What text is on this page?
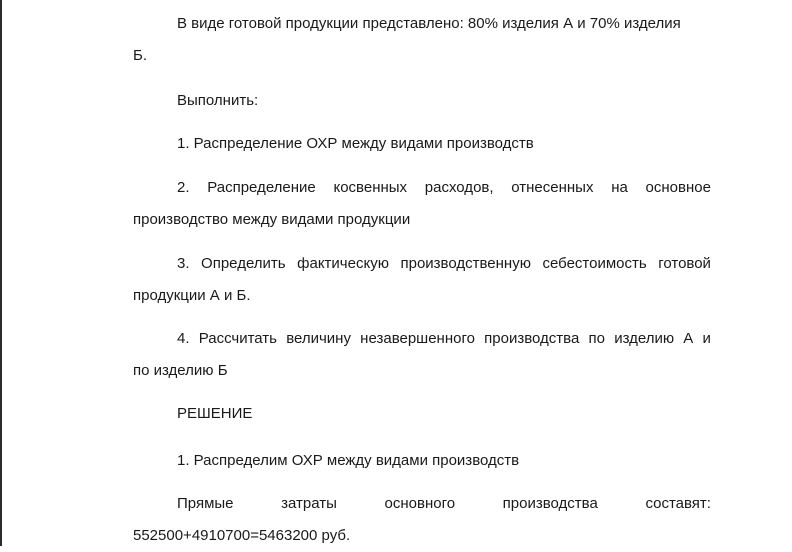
В виде готовой продукции представлено: 80% изделия А и 70% изделия
Б.
Выполнить:
1. Распределение ОХР между видами производств
2. Распределение косвенных расходов, отнесенных на основное
производство между видами продукции
3. Определить фактическую производственную себестоимость готовой
продукции А и Б.
4. Рассчитать величину незавершенного производства по изделию А и
по изделию Б
РЕШЕНИЕ
1. Распределим ОХР между видами производств
Прямые	затраты	основного	производства	составят:
552500+4910700=5463200 руб.
